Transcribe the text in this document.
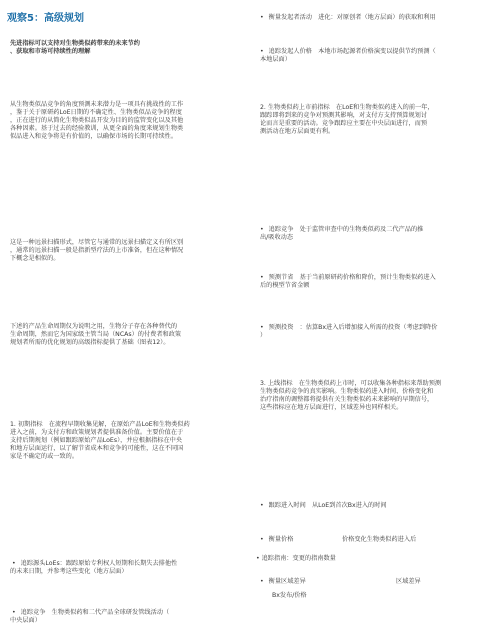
观察5：高级规划
先进指标可以支持对生物类似药带来的未来节约
、获取和市场可持续性的理解
从生物类似品竞争的角度预测未来潜力是一项具有挑战性的工作
，鉴于关于原研药LoE日期的不确定性、生物类似品竞争的程度
，正在进行的从简化生物类似品开发为目的的监管变化以及其他
各种因素。基于过去的经验教训，从更全面的角度来规划生物类
似品进入和竞争将是有价值的，以确保市场的长期可持续性。
这是一种远景扫描形式，尽管它与通常的远景扫描定义有所区别
，通常的远景扫描一般是指新型疗法的上市准备，但在这种情况
下概念是相似的。
下述的产品生命周期仅为说明之用，生物分子存在各种替代的
生命周期，然而它为国家级主管当局（NCAs）的付费者和政策
规划者所需的优化规划的高级指标提供了基础（图表12）。
1. 初期指标　在流程早期收集见解，在原始产品LoE和生物类似药
进入之前，为支付方和政策规划者提供准备价值。主要价值在于
支持后期规划（例如跟踪原始产品LoEs），并应根据指标在中央
和地方层面运行，以了解节省成本和竞争的可能性，这在不同国
家是不确定的或一致的。
• 追踪源头LoEs：跟踪原始专利权人短期和长期失去排他性
的未来日期，并参考这些变化（地方层面）
• 追踪竞争　生物类似药和二代产品全球研发管线活动（
中央层面）
• 衡量发起者活动　进化：对原创者（地方层面）的获取和利用
• 追踪发起人价格　本地市场起源者价格演变以提供节约预测（
本地层面）
2. 生物类似药上市前指标　在LoE和生物类似药进入的前一年，
跟踪即将到来的竞争对预测其影响，对支付方支持预算规划讨
论而言是重要的活动。竞争跟踪应主要在中央层面进行，而预
测活动在地方层面更有利。
• 追踪竞争　处于监管审查中的生物类似药及二代产品的推
出/吸收动态
• 预测节省　基于当前原研药价格和降价，预计生物类似药进入
后的模型节省金额
• 预测投资　：估算Bx进入后增加接入所需的投资（考虑到降价
）
3. 上线指标　在生物类似药上市时，可以收集各种指标来帮助预测
生物类似药竞争的真实影响。生物类似药进入时间、价格变化和
治疗指南的调整都将提供有关生物类似药未来影响的早期信号，
这些指标应在地方层面进行，区域差异也同样相关。
• 跟踪进入时间　从LoE到首次Bx进入的时间
• 衡量价格	价格变化生物类似药进入后
• 追踪指南：变更的指南数量
• 衡量区域差异	区域差异
Bx发布/价格
